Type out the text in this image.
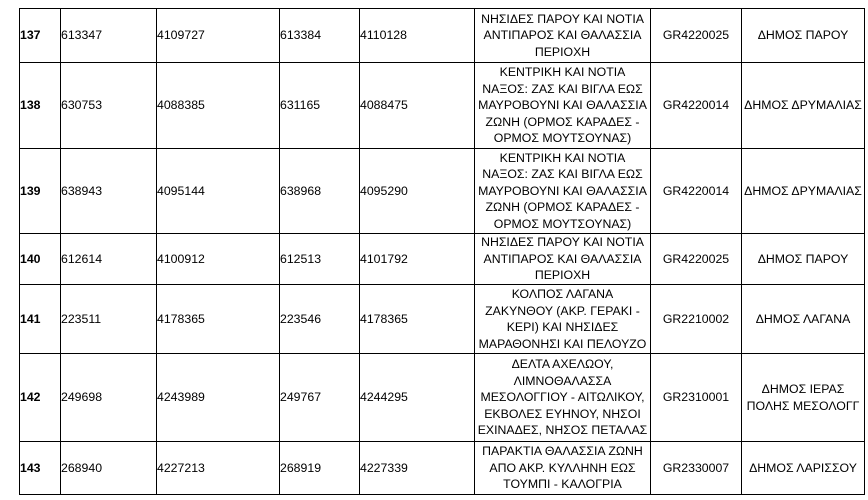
137	613347	4109727	613384	4110128	ΝΗΣΙΔΕΣ ΠΑΡΟΥ ΚΑΙ ΝΟΤΙΑ
ΑΝΤΙΠΑΡΟΣ ΚΑΙ ΘΑΛΑΣΣΙΑ
ΠΕΡΙΟΧΗ	GR4220025	ΔΗΜΟΣ ΠΑΡΟΥ

138	630753	4088385	631165	4088475	ΚΕΝΤΡΙΚΗ ΚΑΙ ΝΟΤΙΑ
ΝΑΞΟΣ: ΖΑΣ ΚΑΙ ΒΙΓΛΑ ΕΩΣ
ΜΑΥΡΟΒΟΥΝΙ ΚΑΙ ΘΑΛΑΣΣΙΑ
ΖΩΝΗ (ΟΡΜΟΣ ΚΑΡΑΔΕΣ -
ΟΡΜΟΣ ΜΟΥΤΣΟΥΝΑΣ)	GR4220014	ΔΗΜΟΣ ΔΡΥΜΑΛΙΑΣ

139	638943	4095144	638968	4095290	ΚΕΝΤΡΙΚΗ ΚΑΙ ΝΟΤΙΑ
ΝΑΞΟΣ: ΖΑΣ ΚΑΙ ΒΙΓΛΑ ΕΩΣ
ΜΑΥΡΟΒΟΥΝΙ ΚΑΙ ΘΑΛΑΣΣΙΑ
ΖΩΝΗ (ΟΡΜΟΣ ΚΑΡΑΔΕΣ -
ΟΡΜΟΣ ΜΟΥΤΣΟΥΝΑΣ)	GR4220014	ΔΗΜΟΣ ΔΡΥΜΑΛΙΑΣ

140	612614	4100912	612513	4101792	ΝΗΣΙΔΕΣ ΠΑΡΟΥ ΚΑΙ ΝΟΤΙΑ
ΑΝΤΙΠΑΡΟΣ ΚΑΙ ΘΑΛΑΣΣΙΑ
ΠΕΡΙΟΧΗ	GR4220025	ΔΗΜΟΣ ΠΑΡΟΥ

141	223511	4178365	223546	4178365	ΚΟΛΠΟΣ ΛΑΓΑΝΑ
ΖΑΚΥΝΘΟΥ (ΑΚΡ. ΓΕΡΑΚΙ -
ΚΕΡΙ) ΚΑΙ ΝΗΣΙΔΕΣ
ΜΑΡΑΘΟΝΗΣΙ ΚΑΙ ΠΕΛΟΥΖΟ	GR2210002	ΔΗΜΟΣ ΛΑΓΑΝΑ

142	249698	4243989	249767	4244295	ΔΕΛΤΑ ΑΧΕΛΩΟΥ,
ΛΙΜΝΟΘΑΛΑΣΣΑ
ΜΕΣΟΛΟΓΓΙΟΥ - ΑΙΤΩΛΙΚΟΥ,
ΕΚΒΟΛΕΣ ΕΥΗΝΟΥ, ΝΗΣΟΙ
ΕΧΙΝΑΔΕΣ, ΝΗΣΟΣ ΠΕΤΑΛΑΣ	GR2310001	ΔΗΜΟΣ ΙΕΡΑΣ
ΠΟΛΗΣ ΜΕΣΟΛΟΓΓ

143	268940	4227213	268919	4227339	ΠΑΡΑΚΤΙΑ ΘΑΛΑΣΣΙΑ ΖΩΝΗ
ΑΠΟ ΑΚΡ. ΚΥΛΛΗΝΗ ΕΩΣ
ΤΟΥΜΠΙ - ΚΑΛΟΓΡΙΑ	GR2330007	ΔΗΜΟΣ ΛΑΡΙΣΣΟΥ
